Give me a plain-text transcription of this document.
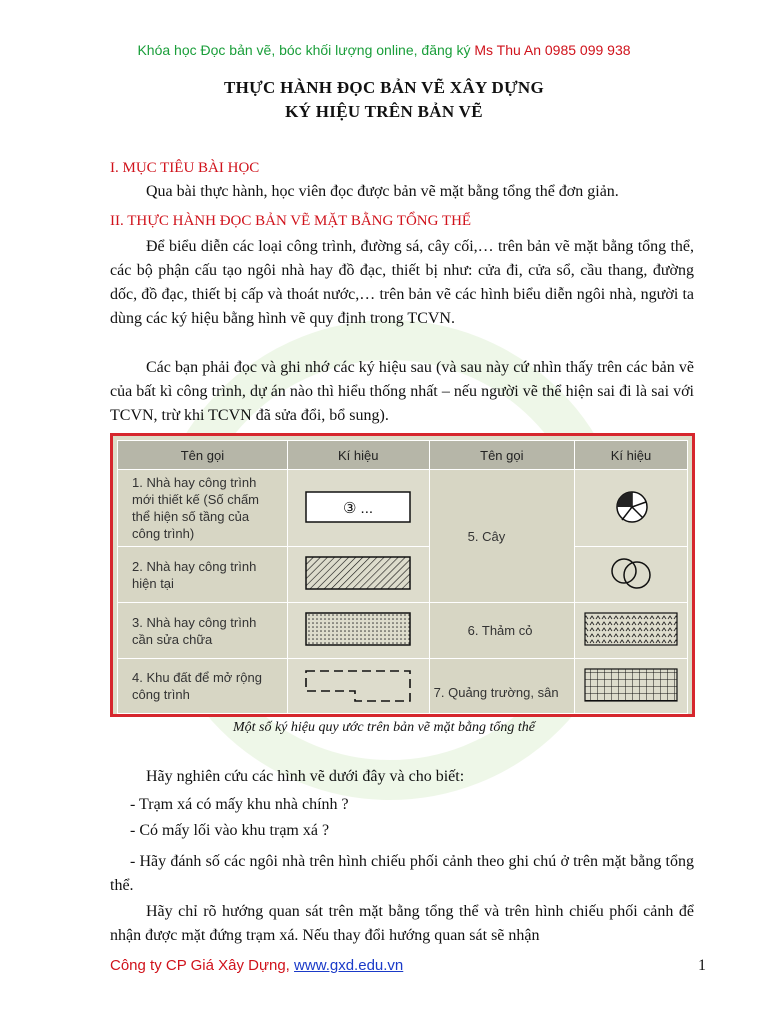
Khóa học Đọc bản vẽ, bóc khối lượng online, đăng ký Ms Thu An 0985 099 938
THỰC HÀNH ĐỌC BẢN VẼ XÂY DỰNG
KÝ HIỆU TRÊN BẢN VẼ
I. MỤC TIÊU BÀI HỌC
Qua bài thực hành, học viên đọc được bản vẽ mặt bằng tổng thể đơn giản.
II. THỰC HÀNH ĐỌC BẢN VẼ MẶT BẰNG TỔNG THỂ
Để biểu diễn các loại công trình, đường sá, cây cối,… trên bản vẽ mặt bằng tổng thể, các bộ phận cấu tạo ngôi nhà hay đồ đạc, thiết bị như: cửa đi, cửa sổ, cầu thang, đường dốc, đồ đạc, thiết bị cấp và thoát nước,… trên bản vẽ các hình biểu diễn ngôi nhà, người ta dùng các ký hiệu bằng hình vẽ quy định trong TCVN.
Các bạn phải đọc và ghi nhớ các ký hiệu sau (và sau này cứ nhìn thấy trên các bản vẽ của bất kì công trình, dự án nào thì hiểu thống nhất – nếu người vẽ thể hiện sai đi là sai với TCVN, trừ khi TCVN đã sửa đổi, bổ sung).
Tên gọi	Kí hiệu	Tên gọi	Kí hiệu
1. Nhà hay công trình mới thiết kế (Số chấm thể hiện số tầng của công trình)	③ ...	5. Cây	
2. Nhà hay công trình hiện tại		
3. Nhà hay công trình cần sửa chữa		6. Thảm cỏ	
4. Khu đất để mở rộng công trình		7. Quảng trường, sân	
Một số ký hiệu quy ước trên bản vẽ mặt bằng tổng thể
Hãy nghiên cứu các hình vẽ dưới đây và cho biết:
- Trạm xá có mấy khu nhà chính ?
- Có mấy lối vào khu trạm xá ?
- Hãy đánh số các ngôi nhà trên hình chiếu phối cảnh theo ghi chú ở trên mặt bằng tổng thể.
Hãy chỉ rõ hướng quan sát trên mặt bằng tổng thể và trên hình chiếu phối cảnh để nhận được mặt đứng trạm xá. Nếu thay đổi hướng quan sát sẽ nhận
Công ty CP Giá Xây Dựng, www.gxd.edu.vn	1
